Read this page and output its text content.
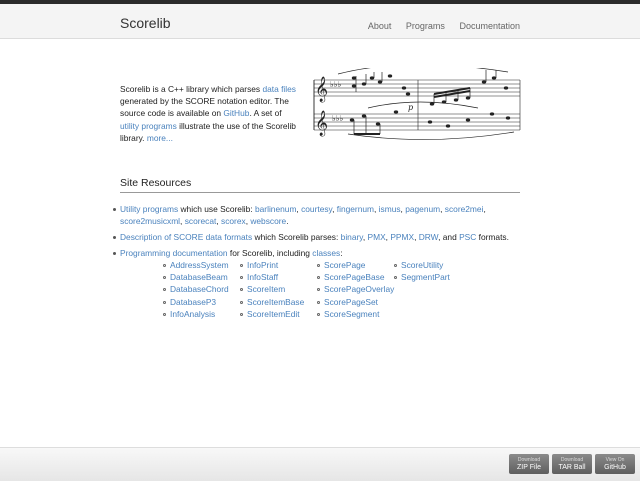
Scorelib	About Programs Documentation
Scorelib is a C++ library which parses data files generated by the SCORE notation editor. The source code is available on GitHub. A set of utility programs illustrate the use of the Scorelib library. more...
𝄞
𝄞
♭♭♭
♭♭♭
p
Site Resources
Utility programs which use Scorelib: barlinenum, courtesy, fingernum, ismus, pagenum, score2mei, score2musicxml, scorecat, scorex, webscore.
Description of SCORE data formats which Scorelib parses: binary, PMX, PPMX, DRW, and PSC formats.
Programming documentation for Scorelib, including classes:
AddressSystem
DatabaseBeam
DatabaseChord
DatabaseP3
InfoAnalysis
InfoPrint
InfoStaff
ScoreItem
ScoreItemBase
ScoreItemEdit
ScorePage
ScorePageBase
ScorePageOverlay
ScorePageSet
ScoreSegment
ScoreUtility
SegmentPart
Download
ZIP File
Download
TAR Ball
View On
GitHub
